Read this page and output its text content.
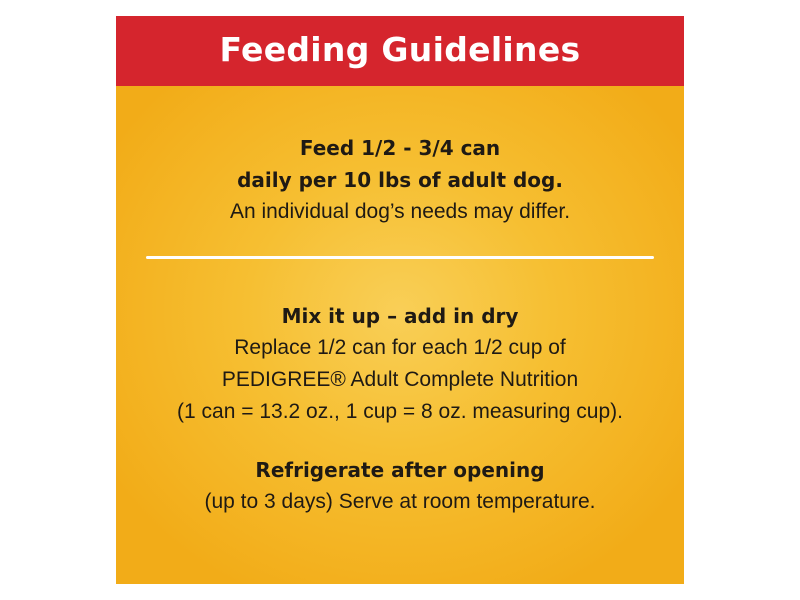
Feeding Guidelines
Feed 1/2 - 3/4 can
daily per 10 lbs of adult dog.
An individual dog’s needs may differ.
Mix it up – add in dry
Replace 1/2 can for each 1/2 cup of
PEDIGREE® Adult Complete Nutrition
(1 can = 13.2 oz., 1 cup = 8 oz. measuring cup).
Refrigerate after opening
(up to 3 days) Serve at room temperature.
